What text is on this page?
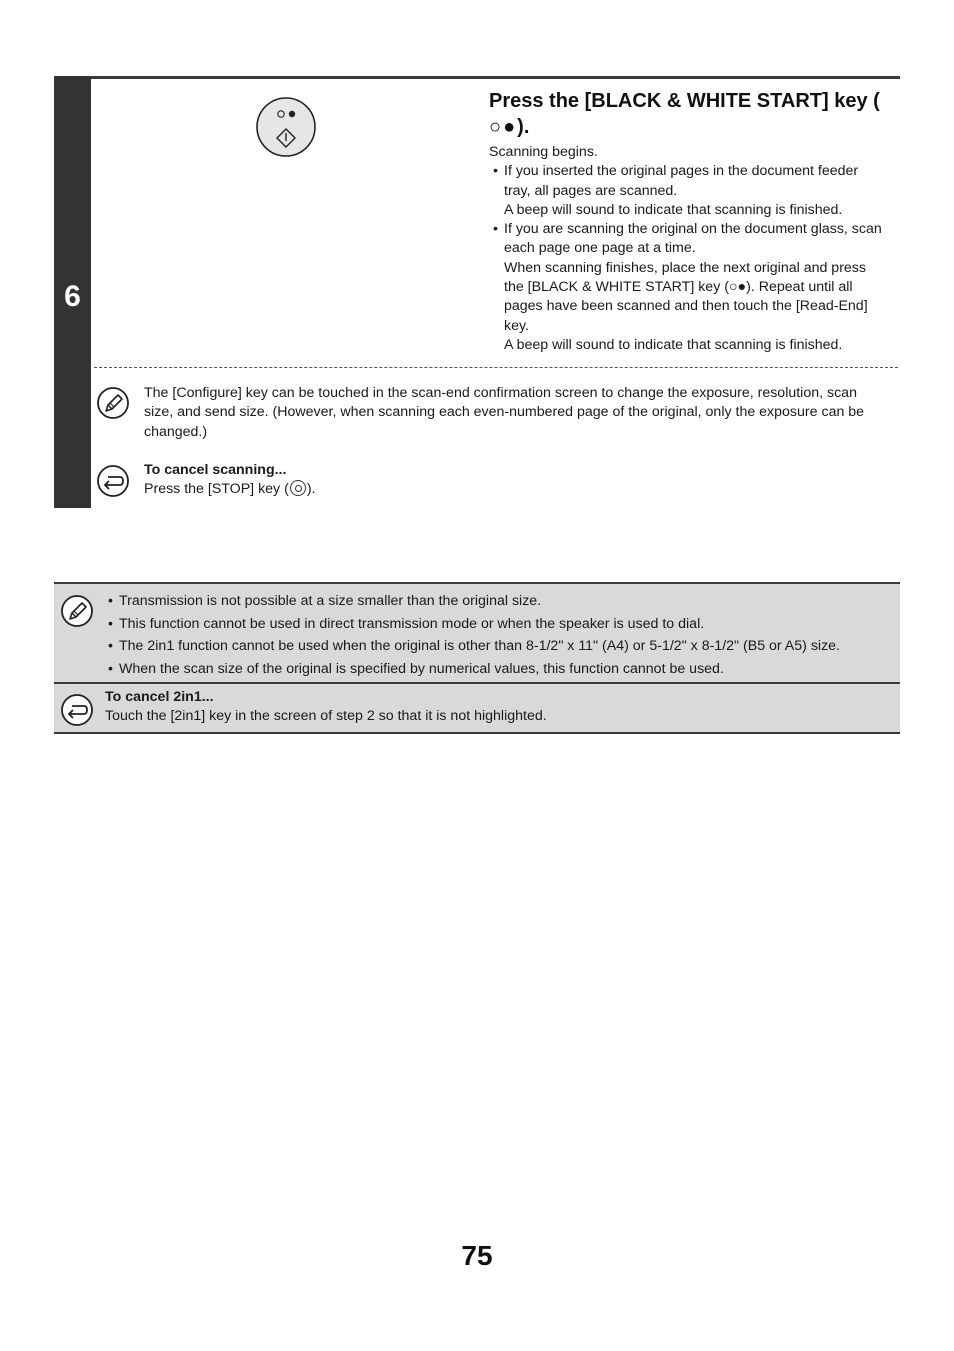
6
Press the [BLACK & WHITE START] key (○●).
Scanning begins.
• If you inserted the original pages in the document feeder
tray, all pages are scanned.
A beep will sound to indicate that scanning is finished.
• If you are scanning the original on the document glass, scan
each page one page at a time.
When scanning finishes, place the next original and press
the [BLACK & WHITE START] key (○●). Repeat until all
pages have been scanned and then touch the [Read-End]
key.
A beep will sound to indicate that scanning is finished.
The [Configure] key can be touched in the scan-end confirmation screen to change the exposure, resolution, scan
size, and send size. (However, when scanning each even-numbered page of the original, only the exposure can be
changed.)
To cancel scanning...
Press the [STOP] key ( ).
• Transmission is not possible at a size smaller than the original size.
• This function cannot be used in direct transmission mode or when the speaker is used to dial.
• The 2in1 function cannot be used when the original is other than 8-1/2" x 11" (A4) or 5-1/2" x 8-1/2" (B5 or A5) size.
• When the scan size of the original is specified by numerical values, this function cannot be used.
To cancel 2in1...
Touch the [2in1] key in the screen of step 2 so that it is not highlighted.
75
